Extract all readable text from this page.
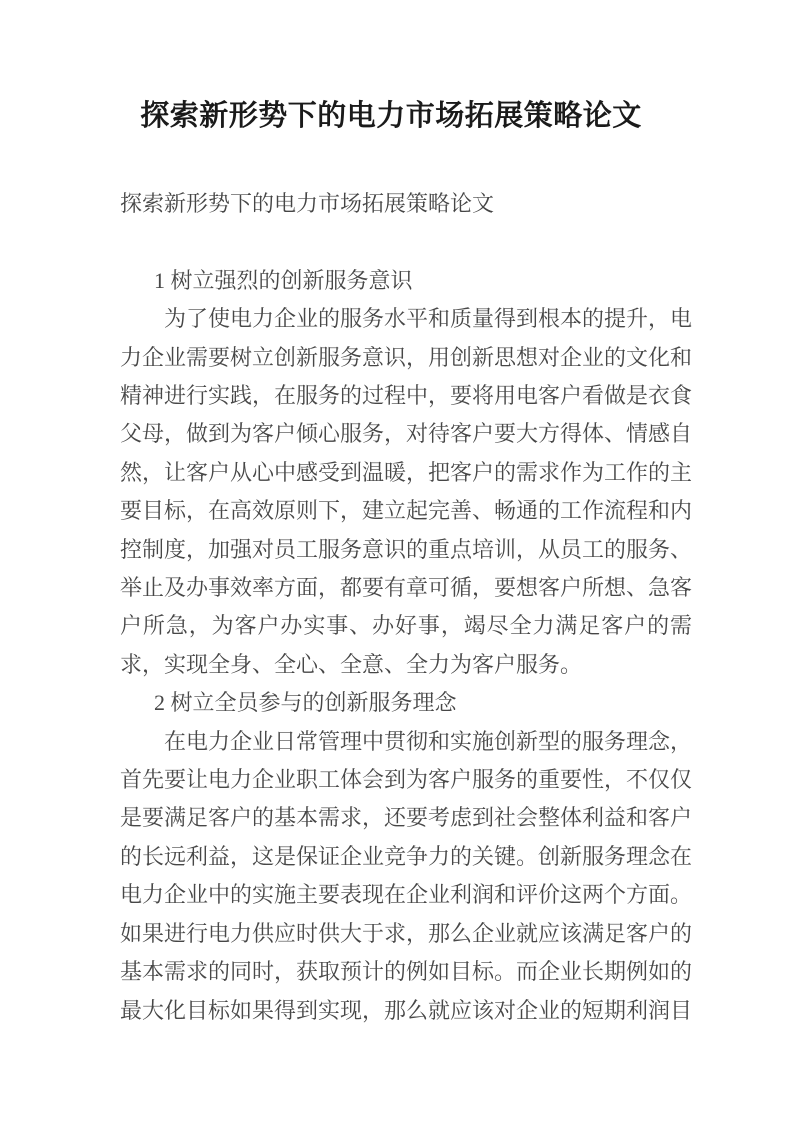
探索新形势下的电力市场拓展策略论文
探索新形势下的电力市场拓展策略论文
1 树立强烈的创新服务意识

为了使电力企业的服务水平和质量得到根本的提升，电力企业需要树立创新服务意识，用创新思想对企业的文化和精神进行实践，在服务的过程中，要将用电客户看做是衣食父母，做到为客户倾心服务，对待客户要大方得体、情感自然，让客户从心中感受到温暖，把客户的需求作为工作的主要目标，在高效原则下，建立起完善、畅通的工作流程和内控制度，加强对员工服务意识的重点培训，从员工的服务、举止及办事效率方面，都要有章可循，要想客户所想、急客户所急，为客户办实事、办好事，竭尽全力满足客户的需求，实现全身、全心、全意、全力为客户服务。

2 树立全员参与的创新服务理念

在电力企业日常管理中贯彻和实施创新型的服务理念，首先要让电力企业职工体会到为客户服务的重要性，不仅仅是要满足客户的基本需求，还要考虑到社会整体利益和客户的长远利益，这是保证企业竞争力的关键。创新服务理念在电力企业中的实施主要表现在企业利润和评价这两个方面。如果进行电力供应时供大于求，那么企业就应该满足客户的基本需求的同时，获取预计的例如目标。而企业长期例如的最大化目标如果得到实现，那么就应该对企业的短期利润目
